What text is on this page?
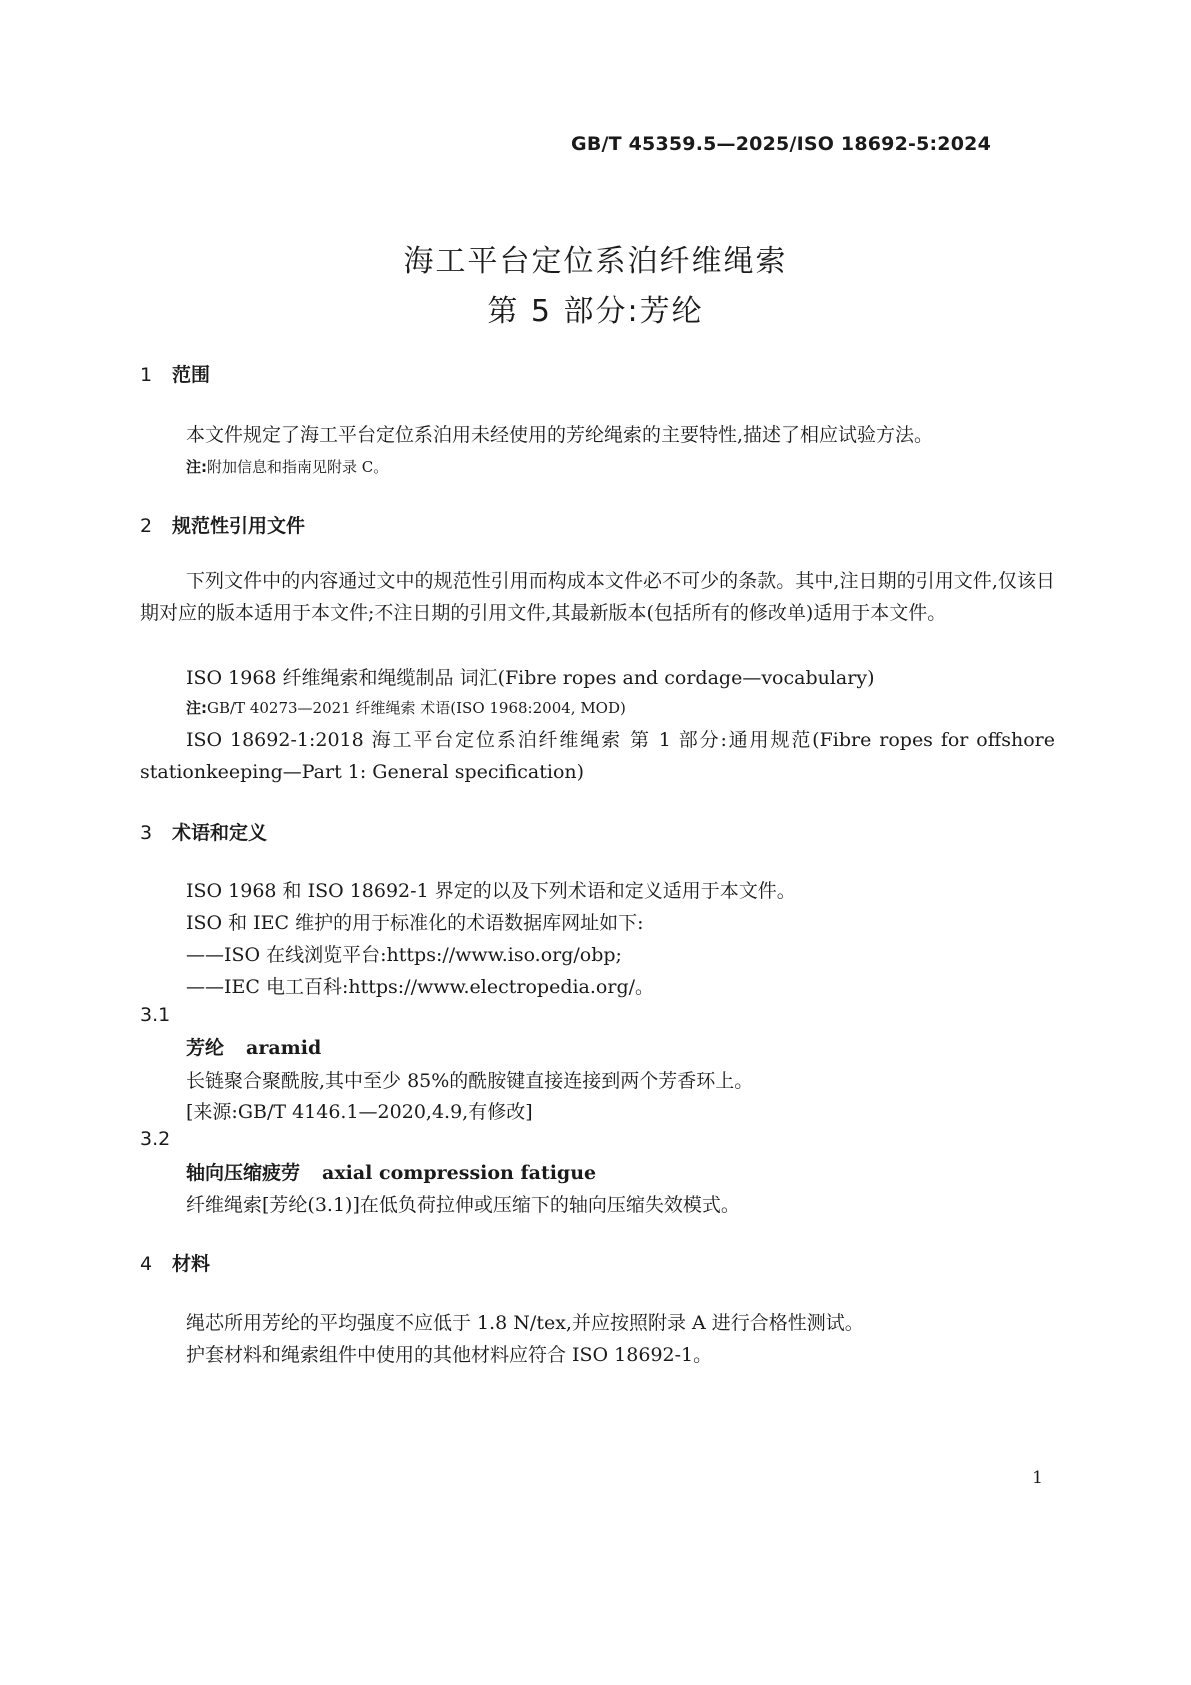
GB/T 45359.5—2025/ISO 18692-5:2024
海工平台定位系泊纤维绳索
第 5 部分:芳纶
1 范围
本文件规定了海工平台定位系泊用未经使用的芳纶绳索的主要特性,描述了相应试验方法。
注:附加信息和指南见附录 C。
2 规范性引用文件
下列文件中的内容通过文中的规范性引用而构成本文件必不可少的条款。其中,注日期的引用文件,仅该日期对应的版本适用于本文件;不注日期的引用文件,其最新版本(包括所有的修改单)适用于本文件。
ISO 1968 纤维绳索和绳缆制品 词汇(Fibre ropes and cordage—vocabulary)
注:GB/T 40273—2021 纤维绳索 术语(ISO 1968:2004, MOD)
ISO 18692-1:2018 海工平台定位系泊纤维绳索 第 1 部分:通用规范(Fibre ropes for offshore stationkeeping—Part 1: General specification)
3 术语和定义
ISO 1968 和 ISO 18692-1 界定的以及下列术语和定义适用于本文件。
ISO 和 IEC 维护的用于标准化的术语数据库网址如下:
——ISO 在线浏览平台:https://www.iso.org/obp;
——IEC 电工百科:https://www.electropedia.org/。
3.1
芳纶 aramid
长链聚合聚酰胺,其中至少 85%的酰胺键直接连接到两个芳香环上。
[来源:GB/T 4146.1—2020,4.9,有修改]
3.2
轴向压缩疲劳 axial compression fatigue
纤维绳索[芳纶(3.1)]在低负荷拉伸或压缩下的轴向压缩失效模式。
4 材料
绳芯所用芳纶的平均强度不应低于 1.8 N/tex,并应按照附录 A 进行合格性测试。
护套材料和绳索组件中使用的其他材料应符合 ISO 18692-1。
1
